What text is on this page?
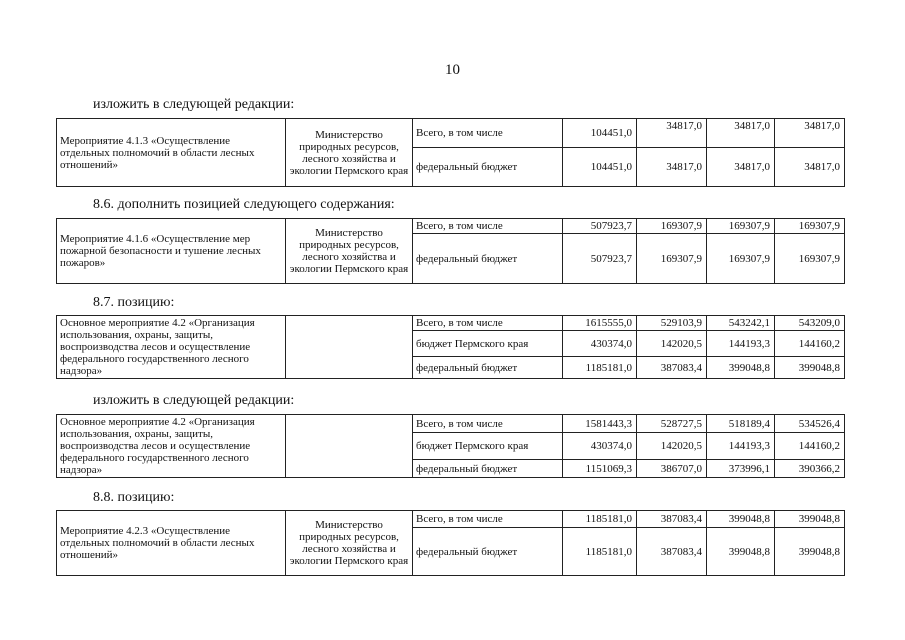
10
изложить в следующей редакции:
Мероприятие 4.1.3 «Осуществление отдельных полномочий в области лесных отношений»	Министерство природных ресурсов, лесного хозяйства и экологии Пермского края	Всего, в том числе	104451,0	34817,0	34817,0	34817,0
		федеральный бюджет	104451,0	34817,0	34817,0	34817,0
8.6. дополнить позицией следующего содержания:
Мероприятие 4.1.6 «Осуществление мер пожарной безопасности и тушение лесных пожаров»	Министерство природных ресурсов, лесного хозяйства и экологии Пермского края	Всего, в том числе	507923,7	169307,9	169307,9	169307,9
		федеральный бюджет	507923,7	169307,9	169307,9	169307,9
8.7. позицию:
Основное мероприятие 4.2 «Организация использования, охраны, защиты, воспроизводства лесов и осуществление федерального государственного лесного надзора»		Всего, в том числе	1615555,0	529103,9	543242,1	543209,0
		бюджет Пермского края	430374,0	142020,5	144193,3	144160,2
		федеральный бюджет	1185181,0	387083,4	399048,8	399048,8
изложить в следующей редакции:
Основное мероприятие 4.2 «Организация использования, охраны, защиты, воспроизводства лесов и осуществление федерального государственного лесного надзора»		Всего, в том числе	1581443,3	528727,5	518189,4	534526,4
		бюджет Пермского края	430374,0	142020,5	144193,3	144160,2
		федеральный бюджет	1151069,3	386707,0	373996,1	390366,2
8.8. позицию:
Мероприятие 4.2.3 «Осуществление отдельных полномочий в области лесных отношений»	Министерство природных ресурсов, лесного хозяйства и экологии Пермского края	Всего, в том числе	1185181,0	387083,4	399048,8	399048,8
		федеральный бюджет	1185181,0	387083,4	399048,8	399048,8
